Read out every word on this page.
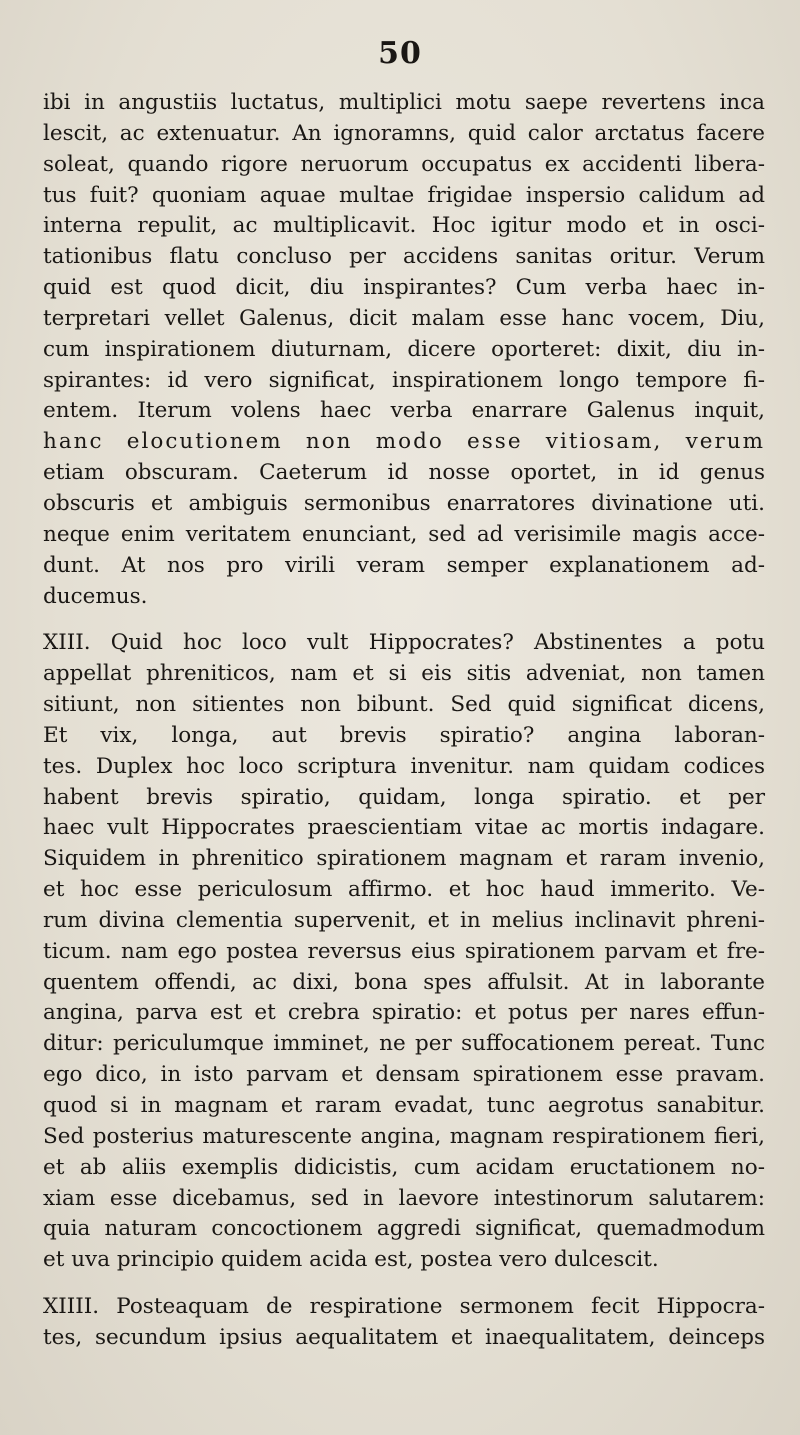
50
ibi in angustiis luctatus, multiplici motu saepe revertens inca
lescit, ac extenuatur. An ignoramns, quid calor arctatus facere
soleat, quando rigore neruorum occupatus ex accidenti libera-
tus fuit? quoniam aquae multae frigidae inspersio calidum ad
interna repulit, ac multiplicavit. Hoc igitur modo et in osci-
tationibus flatu concluso per accidens sanitas oritur. Verum
quid est quod dicit, diu inspirantes? Cum verba haec in-
terpretari vellet Galenus, dicit malam esse hanc vocem, Diu,
cum inspirationem diuturnam, dicere oporteret: dixit, diu in-
spirantes: id vero significat, inspirationem longo tempore fi-
entem. Iterum volens haec verba enarrare Galenus inquit,
hanc elocutionem non modo esse vitiosam, verum
etiam obscuram. Caeterum id nosse oportet, in id genus
obscuris et ambiguis sermonibus enarratores divinatione uti.
neque enim veritatem enunciant, sed ad verisimile magis acce-
dunt. At nos pro virili veram semper explanationem ad-
ducemus.
XIII. Quid hoc loco vult Hippocrates? Abstinentes a potu
appellat phreniticos, nam et si eis sitis adveniat, non tamen
sitiunt, non sitientes non bibunt. Sed quid significat dicens,
Et vix, longa, aut brevis spiratio? angina laboran-
tes. Duplex hoc loco scriptura invenitur. nam quidam codices
habent brevis spiratio, quidam, longa spiratio. et per
haec vult Hippocrates praescientiam vitae ac mortis indagare.
Siquidem in phrenitico spirationem magnam et raram invenio,
et hoc esse periculosum affirmo. et hoc haud immerito. Ve-
rum divina clementia supervenit, et in melius inclinavit phreni-
ticum. nam ego postea reversus eius spirationem parvam et fre-
quentem offendi, ac dixi, bona spes affulsit. At in laborante
angina, parva est et crebra spiratio: et potus per nares effun-
ditur: periculumque imminet, ne per suffocationem pereat. Tunc
ego dico, in isto parvam et densam spirationem esse pravam.
quod si in magnam et raram evadat, tunc aegrotus sanabitur.
Sed posterius maturescente angina, magnam respirationem fieri,
et ab aliis exemplis didicistis, cum acidam eructationem no-
xiam esse dicebamus, sed in laevore intestinorum salutarem:
quia naturam concoctionem aggredi significat, quemadmodum
et uva principio quidem acida est, postea vero dulcescit.
XIIII. Posteaquam de respiratione sermonem fecit Hippocra-
tes, secundum ipsius aequalitatem et inaequalitatem, deinceps
